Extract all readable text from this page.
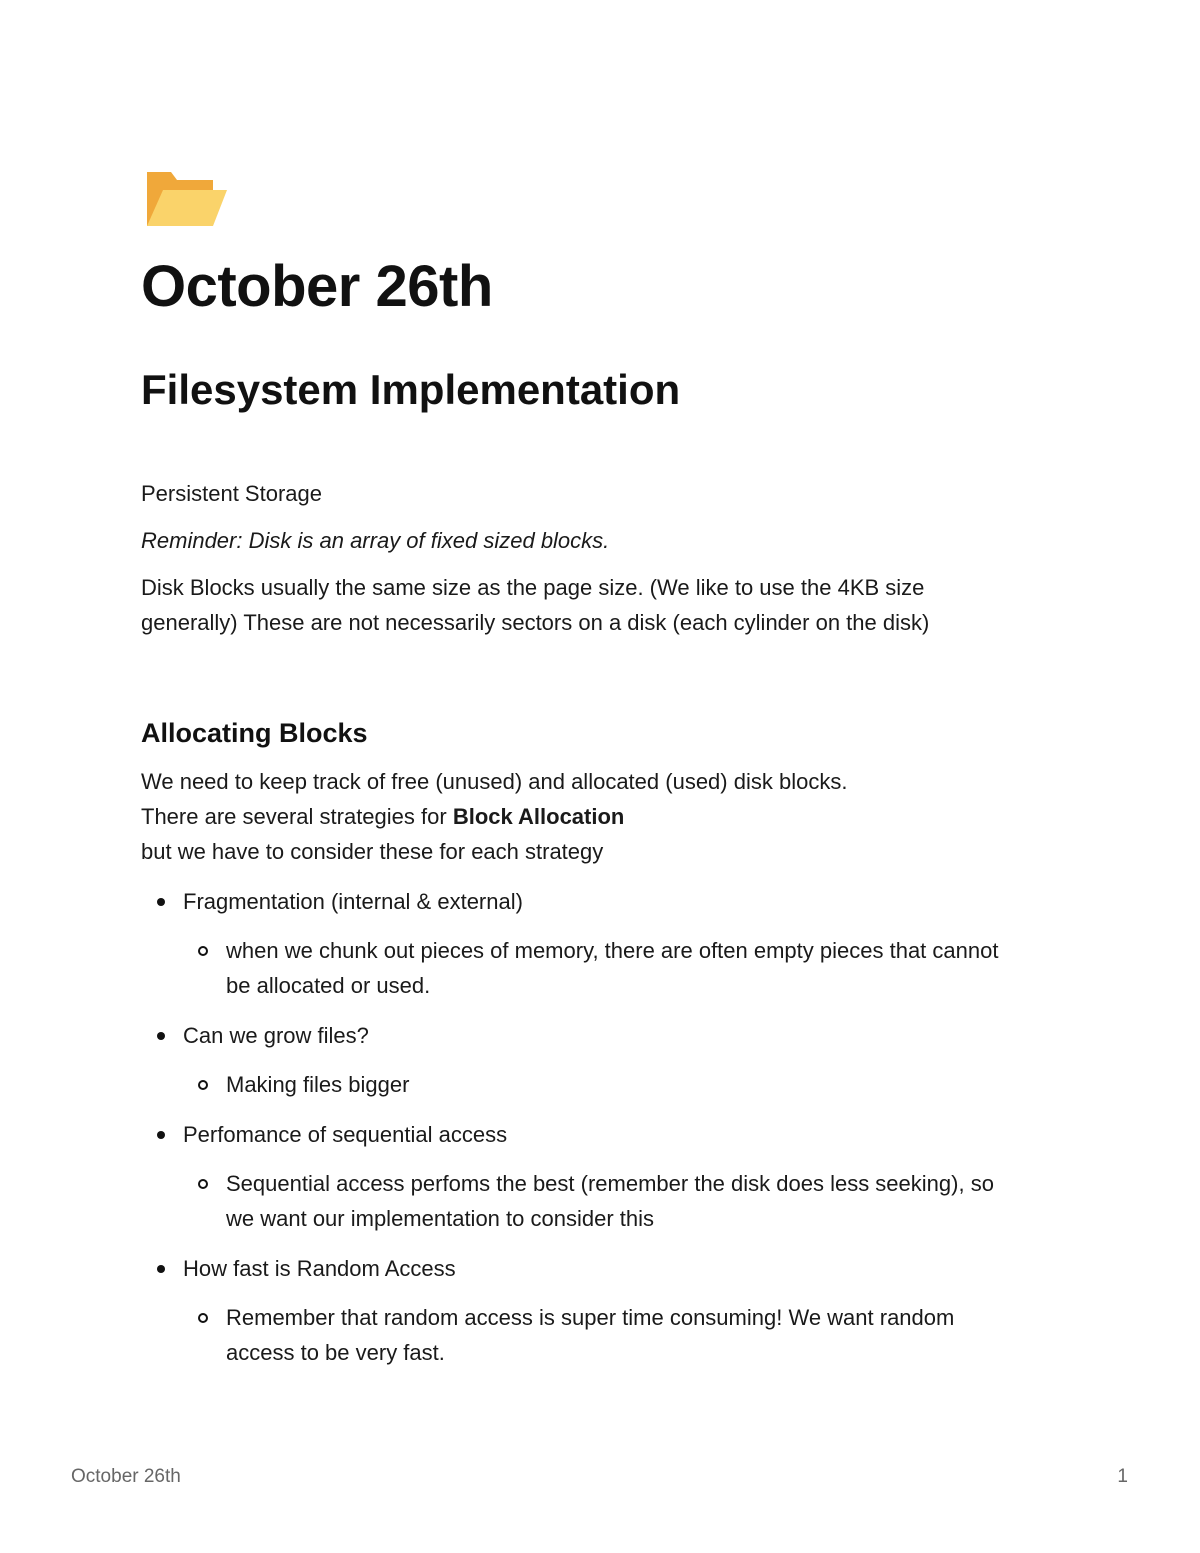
October 26th
Filesystem Implementation

Persistent Storage

Reminder: Disk is an array of fixed sized blocks.

Disk Blocks usually the same size as the page size. (We like to use the 4KB size

generally) These are not necessarily sectors on a disk (each cylinder on the disk)

Allocating Blocks

We need to keep track of free (unused) and allocated (used) disk blocks.

There are several strategies for Block Allocation

but we have to consider these for each strategy

Fragmentation (internal & external)

when we chunk out pieces of memory, there are often empty pieces that cannot

be allocated or used.

Can we grow files?

Making files bigger

Perfomance of sequential access

Sequential access perfoms the best (remember the disk does less seeking), so

we want our implementation to consider this

How fast is Random Access

Remember that random access is super time consuming! We want random

access to be very fast.

October 26th	1
